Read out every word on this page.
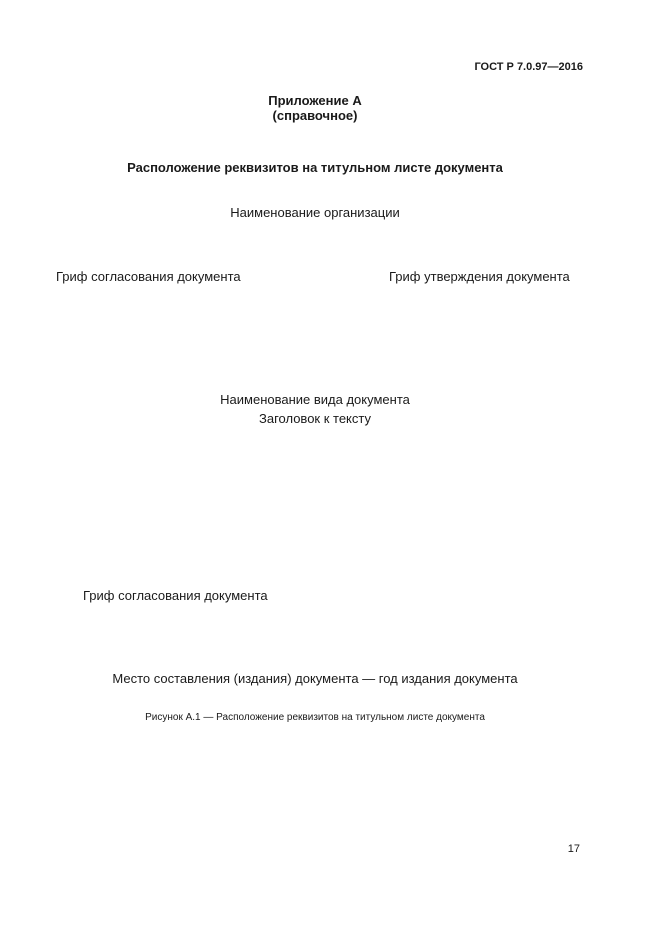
ГОСТ Р 7.0.97—2016
Приложение А
(справочное)
Расположение реквизитов на титульном листе документа
Наименование организации
Гриф согласования документа	Гриф утверждения документа
Наименование вида документа
Заголовок к тексту
Гриф согласования документа
Место составления (издания) документа — год издания документа
Рисунок А.1 — Расположение реквизитов на титульном листе документа
17
